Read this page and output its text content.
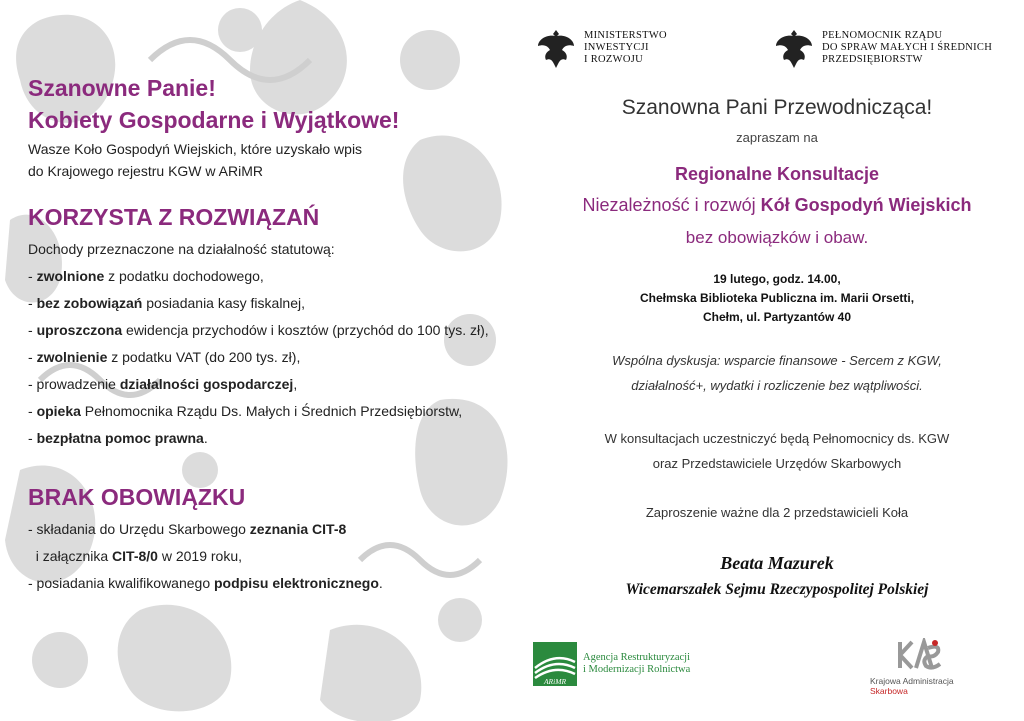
Szanowne Panie!

Kobiety Gospodarne i Wyjątkowe!

Wasze Koło Gospodyń Wiejskich, które uzyskało wpis
do Krajowego rejestru KGW w ARiMR

KORZYSTA Z ROZWIĄZAŃ

Dochody przeznaczone na działalność statutową:
- zwolnione z podatku dochodowego,
- bez zobowiązań posiadania kasy fiskalnej,
- uproszczona ewidencja przychodów i kosztów (przychód do 100 tys. zł),
- zwolnienie z podatku VAT (do 200 tys. zł),
- prowadzenie działalności gospodarczej,
- opieka Pełnomocnika Rządu Ds. Małych i Średnich Przedsiębiorstw,
- bezpłatna pomoc prawna.

BRAK OBOWIĄZKU

- składania do Urzędu Skarbowego zeznania CIT-8
i załącznika CIT-8/0 w 2019 roku,
- posiadania kwalifikowanego podpisu elektronicznego.
MINISTERSTWO
INWESTYCJI
I ROZWOJU
PEŁNOMOCNIK RZĄDU
DO SPRAW MAŁYCH I ŚREDNICH
PRZEDSIĘBIORSTW
Szanowna Pani Przewodnicząca!
zapraszam na
Regionalne Konsultacje
Niezależność i rozwój Kół Gospodyń Wiejskich
bez obowiązków i obaw.
19 lutego, godz. 14.00,
Chełmska Biblioteka Publiczna im. Marii Orsetti,
Chełm, ul. Partyzantów 40
Wspólna dyskusja: wsparcie finansowe - Sercem z KGW,
działalność+, wydatki i rozliczenie bez wątpliwości.
W konsultacjach uczestniczyć będą Pełnomocnicy ds. KGW
oraz Przedstawiciele Urzędów Skarbowych
Zaproszenie ważne dla 2 przedstawicieli Koła
Beata Mazurek
Wicemarszałek Sejmu Rzeczypospolitej Polskiej
ARiMR
Agencja Restrukturyzacji
i Modernizacji Rolnictwa
Krajowa Administracja
Skarbowa
